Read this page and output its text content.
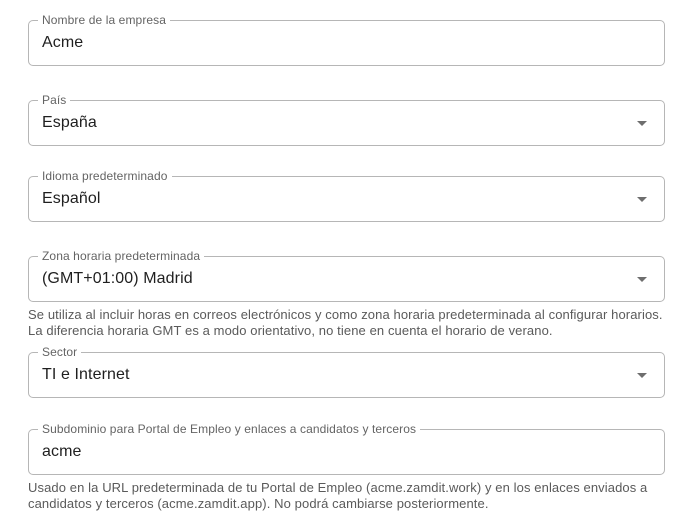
Nombre de la empresa
Acme
País
España
Idioma predeterminado
Español
Zona horaria predeterminada
(GMT+01:00) Madrid

Se utiliza al incluir horas en correos electrónicos y como zona horaria predeterminada al configurar horarios. La diferencia horaria GMT es a modo orientativo, no tiene en cuenta el horario de verano.

Sector
TI e Internet
Subdominio para Portal de Empleo y enlaces a candidatos y terceros
acme

Usado en la URL predeterminada de tu Portal de Empleo (acme.zamdit.work) y en los enlaces enviados a candidatos y terceros (acme.zamdit.app). No podrá cambiarse posteriormente.
